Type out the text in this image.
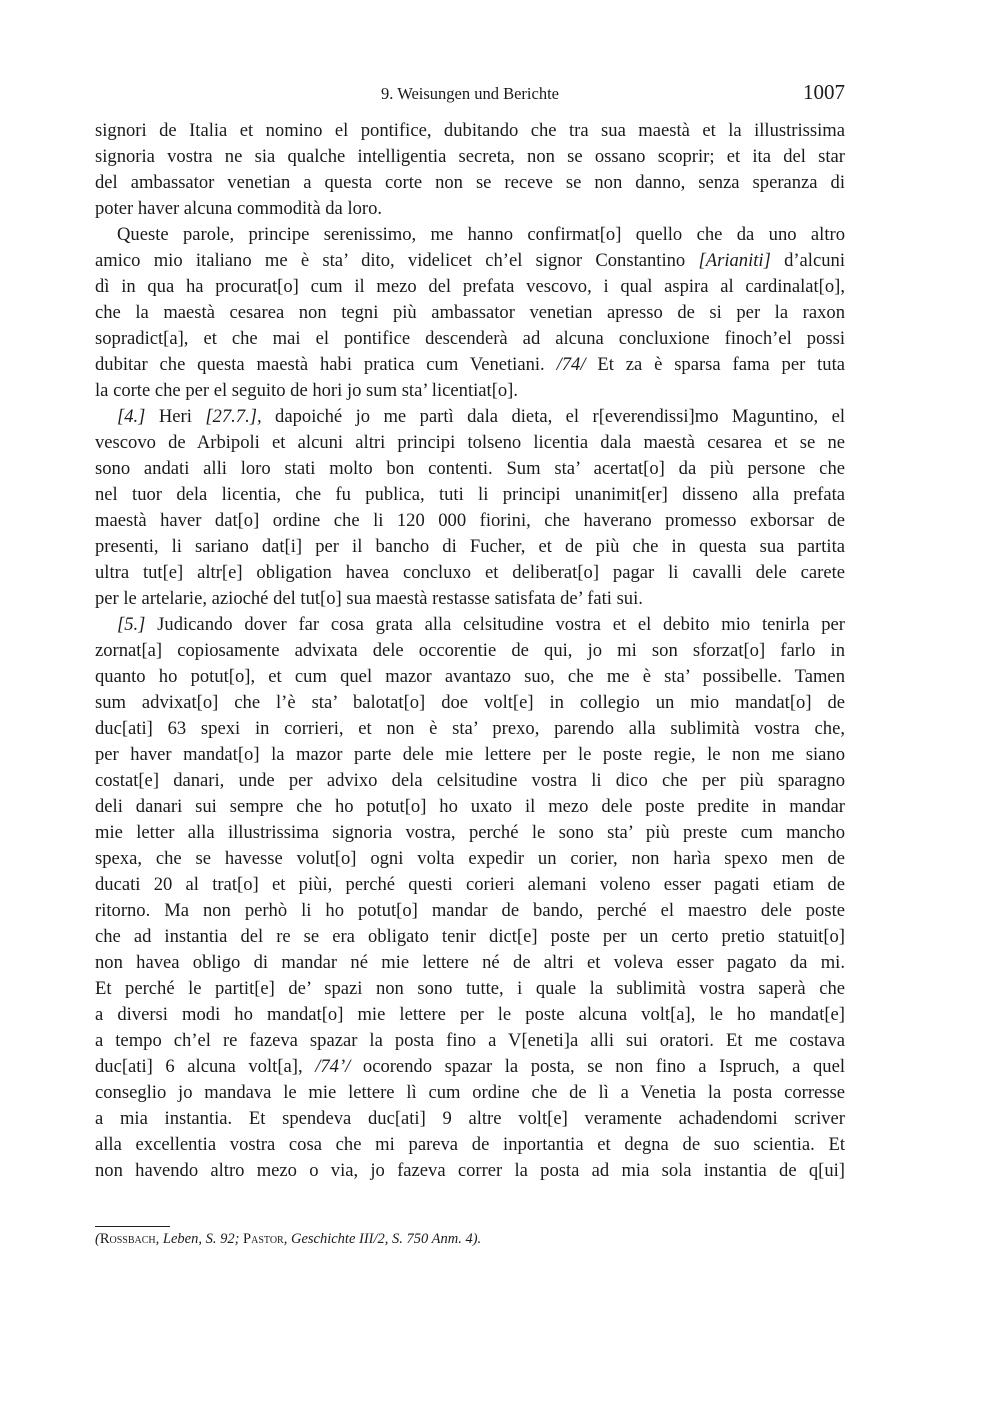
9. Weisungen und Berichte	1007
signori de Italia et nomino el pontifice, dubitando che tra sua maestà et la illustrissima
signoria vostra ne sia qualche intelligentia secreta, non se ossano scoprir; et ita del star
del ambassator venetian a questa corte non se receve se non danno, senza speranza di
poter haver alcuna commodità da loro.
Queste parole, principe serenissimo, me hanno confirmat[o] quello che da uno altro
amico mio italiano me è sta’ dito, videlicet ch’el signor Constantino [Arianiti] d’alcuni
dì in qua ha procurat[o] cum il mezo del prefata vescovo, i qual aspira al cardinalat[o],
che la maestà cesarea non tegni più ambassator venetian apresso de si per la raxon
sopradict[a], et che mai el pontifice descenderà ad alcuna concluxione finoch’el possi
dubitar che questa maestà habi pratica cum Venetiani. /74/ Et za è sparsa fama per tuta
la corte che per el seguito de hori jo sum sta’ licentiat[o].
[4.] Heri [27.7.], dapoiché jo me partì dala dieta, el r[everendissi]mo Maguntino, el
vescovo de Arbipoli et alcuni altri principi tolseno licentia dala maestà cesarea et se ne
sono andati alli loro stati molto bon contenti. Sum sta’ acertat[o] da più persone che
nel tuor dela licentia, che fu publica, tuti li principi unanimit[er] disseno alla prefata
maestà haver dat[o] ordine che li 120 000 fiorini, che haverano promesso exborsar de
presenti, li sariano dat[i] per il bancho di Fucher, et de più che in questa sua partita
ultra tut[e] altr[e] obligation havea concluxo et deliberat[o] pagar li cavalli dele carete
per le artelarie, azioché del tut[o] sua maestà restasse satisfata de’ fati sui.
[5.] Judicando dover far cosa grata alla celsitudine vostra et el debito mio tenirla per
zornat[a] copiosamente advixata dele occorentie de qui, jo mi son sforzat[o] farlo in
quanto ho potut[o], et cum quel mazor avantazo suo, che me è sta’ possibelle. Tamen
sum advixat[o] che l’è sta’ balotat[o] doe volt[e] in collegio un mio mandat[o] de
duc[ati] 63 spexi in corrieri, et non è sta’ prexo, parendo alla sublimità vostra che,
per haver mandat[o] la mazor parte dele mie lettere per le poste regie, le non me siano
costat[e] danari, unde per advixo dela celsitudine vostra li dico che per più sparagno
deli danari sui sempre che ho potut[o] ho uxato il mezo dele poste predite in mandar
mie letter alla illustrissima signoria vostra, perché le sono sta’ più preste cum mancho
spexa, che se havesse volut[o] ogni volta expedir un corier, non harìa spexo men de
ducati 20 al trat[o] et piùi, perché questi corieri alemani voleno esser pagati etiam de
ritorno. Ma non perhò li ho potut[o] mandar de bando, perché el maestro dele poste
che ad instantia del re se era obligato tenir dict[e] poste per un certo pretio statuit[o]
non havea obligo di mandar né mie lettere né de altri et voleva esser pagato da mi.
Et perché le partit[e] de’ spazi non sono tutte, i quale la sublimità vostra saperà che
a diversi modi ho mandat[o] mie lettere per le poste alcuna volt[a], le ho mandat[e]
a tempo ch’el re fazeva spazar la posta fino a V[eneti]a alli sui oratori. Et me costava
duc[ati] 6 alcuna volt[a], /74’/ ocorendo spazar la posta, se non fino a Ispruch, a quel
conseglio jo mandava le mie lettere lì cum ordine che de lì a Venetia la posta corresse
a mia instantia. Et spendeva duc[ati] 9 altre volt[e] veramente achadendomi scriver
alla excellentia vostra cosa che mi pareva de inportantia et degna de suo scientia. Et
non havendo altro mezo o via, jo fazeva correr la posta ad mia sola instantia de q[ui]
(Rossbach, Leben, S. 92; Pastor, Geschichte III/2, S. 750 Anm. 4).
